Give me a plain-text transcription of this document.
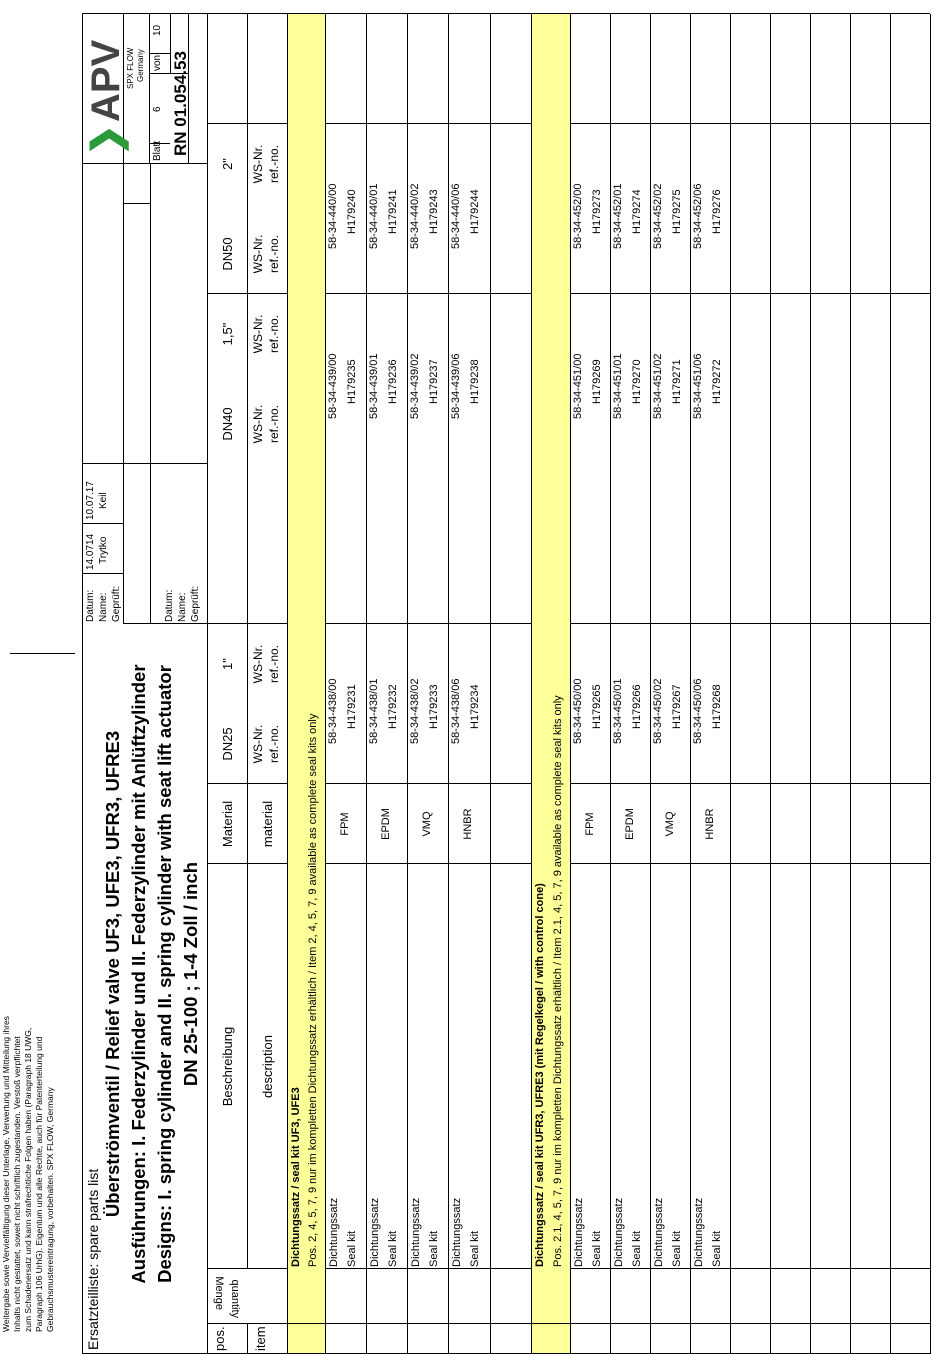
Weitergabe sowie Vervielfältigung dieser Unterlage, Verwertung und Mitteilung ihres Inhalts nicht gestattet, soweit nicht schriftlich zugestanden. Verstoß verpflichtet zum Schadenersatz und kann strafrechtliche Folgen haben (Paragraph 18 UWG, Paragraph 106 UrhG). Eigentum und alle Rechte, auch für Patenterteilung und Gebrauchsmustereintragung, vorbehalten. SPX FLOW, Germany Ersatzteilliste: spare parts list
Überströmventil / Relief valve UF3, UFE3, UFR3, UFRE3 Ausführungen: I. Federzylinder und II. Federzylinder mit Anlüftzylinder Designs: I. spring cylinder and II. spring cylinder with seat lift actuator DN 25-100 ; 1-4 Zoll / inch
Datum: Name: Geprüft:
14.0714 Trytko
10.07.17 Keil
Datum: Name: Geprüft:
❯
APV
SPX FLOW Germany
Blatt
6
von
10
RN 01.054.53
pos. item
Menge quantity
Beschreibung description
Material material
DN25
1"
DN40
1,5"
DN50
2"
WS-Nr. ref.-no.
WS-Nr. ref.-no.
WS-Nr. ref.-no.
WS-Nr. ref.-no.
WS-Nr. ref.-no.
WS-Nr. ref.-no.
Dichtungssatz / seal kit UF3, UFE3 Pos. 2, 4, 5, 7, 9 nur im kompletten Dichtungssatz erhältlich / Item 2, 4, 5, 7, 9 available as complete seal kits only Dichtungssatz Seal kit
FPM
58-34-438/00 H179231
58-34-439/00 H179235
58-34-440/00 H179240
Dichtungssatz Seal kit
EPDM
58-34-438/01 H179232
58-34-439/01 H179236
58-34-440/01 H179241
Dichtungssatz Seal kit
VMQ
58-34-438/02 H179233
58-34-439/02 H179237
58-34-440/02 H179243
Dichtungssatz Seal kit
HNBR
58-34-438/06 H179234
58-34-439/06 H179238
58-34-440/06 H179244
Dichtungssatz / seal kit UFR3, UFRE3 (mit Regelkegel / with control cone) Pos. 2.1, 4, 5, 7, 9 nur im kompletten Dichtungssatz erhältlich / Item 2.1, 4, 5, 7, 9 available as complete seal kits only Dichtungssatz Seal kit
FPM
58-34-450/00 H179265
58-34-451/00 H179269
58-34-452/00 H179273
Dichtungssatz Seal kit
EPDM
58-34-450/01 H179266
58-34-451/01 H179270
58-34-452/01 H179274
Dichtungssatz Seal kit
VMQ
58-34-450/02 H179267
58-34-451/02 H179271
58-34-452/02 H179275
Dichtungssatz Seal kit
HNBR
58-34-450/06 H179268
58-34-451/06 H179272
58-34-452/06 H179276
